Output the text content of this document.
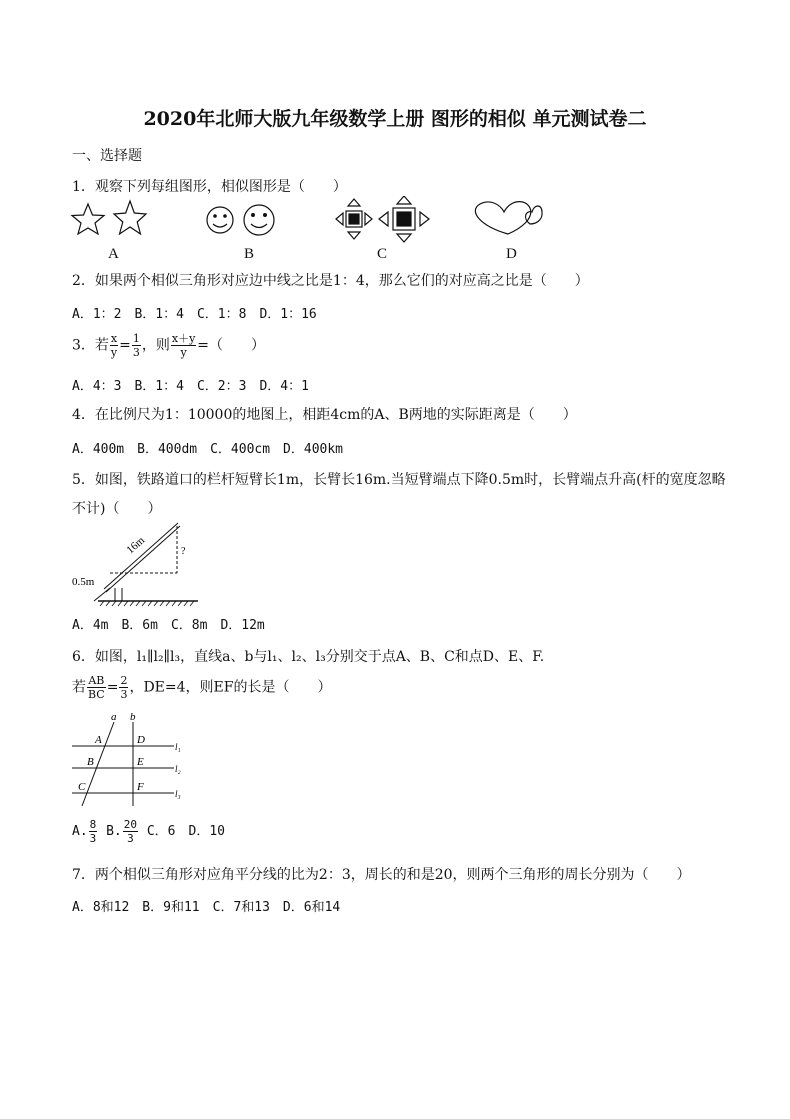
2020年北师大版九年级数学上册 图形的相似 单元测试卷二
一、选择题
1．观察下列每组图形，相似图形是（　　）
A	B	C	D
2．如果两个相似三角形对应边中线之比是1：4，那么它们的对应高之比是（　　）
A．1：2　B．1：4　C．1：8　D．1：16
3．若 $\frac{x}{y} = \frac{1}{3}$ ，则 $\frac{x+y}{y}$ =（　　）
A．4：3　B．1：4　C．2：3　D．4：1
4．在比例尺为1：10000的地图上，相距4cm的A、B两地的实际距离是（　　）
A．400m　B．400dm　C．400cm　D．400km
5．如图，铁路道口的栏杆短臂长1m，长臂长16m.当短臂端点下降0.5m时，长臂端点升高(杆的宽度忽略
不计)（　　）
16m	?
0.5m
A．4m　B．6m　C．8m　D．12m
6．如图，l₁∥l₂∥l₃，直线a、b与l₁、l₂、l₃分别交于点A、B、C和点D、E、F.
若 $\frac{AB}{BC} = \frac{2}{3}$ ，DE=4，则EF的长是（　　）
a b
A
B
C
D
E
F
l₁
l₂
l₃
A. $\frac{8}{3} B$. $\frac{20}{3}$ C．6　D．10
7．两个相似三角形对应角平分线的比为2：3，周长的和是20，则两个三角形的周长分别为（　　）
A．8和12　B．9和11　C．7和13　D．6和14
